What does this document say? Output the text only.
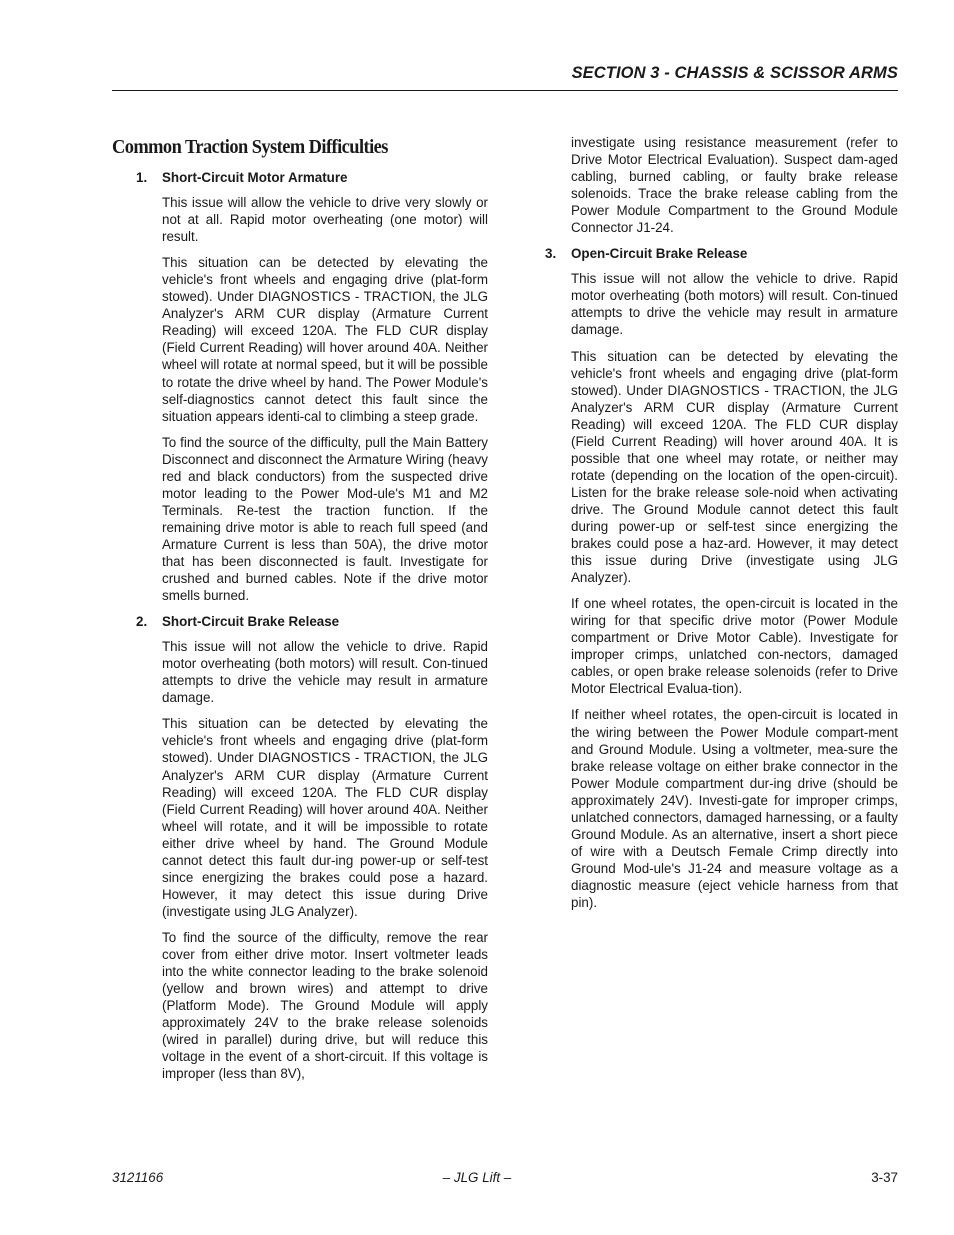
SECTION 3 - CHASSIS & SCISSOR ARMS
Common Traction System Difficulties
1. Short-Circuit Motor Armature

This issue will allow the vehicle to drive very slowly or not at all. Rapid motor overheating (one motor) will result.

This situation can be detected by elevating the vehicle's front wheels and engaging drive (plat-form stowed). Under DIAGNOSTICS - TRACTION, the JLG Analyzer's ARM CUR display (Armature Current Reading) will exceed 120A. The FLD CUR display (Field Current Reading) will hover around 40A. Neither wheel will rotate at normal speed, but it will be possible to rotate the drive wheel by hand. The Power Module's self-diagnostics cannot detect this fault since the situation appears identi-cal to climbing a steep grade.

To find the source of the difficulty, pull the Main Battery Disconnect and disconnect the Armature Wiring (heavy red and black conductors) from the suspected drive motor leading to the Power Mod-ule's M1 and M2 Terminals. Re-test the traction function. If the remaining drive motor is able to reach full speed (and Armature Current is less than 50A), the drive motor that has been disconnected is fault. Investigate for crushed and burned cables. Note if the drive motor smells burned.

2. Short-Circuit Brake Release

This issue will not allow the vehicle to drive. Rapid motor overheating (both motors) will result. Con-tinued attempts to drive the vehicle may result in armature damage.

This situation can be detected by elevating the vehicle's front wheels and engaging drive (plat-form stowed). Under DIAGNOSTICS - TRACTION, the JLG Analyzer's ARM CUR display (Armature Current Reading) will exceed 120A. The FLD CUR display (Field Current Reading) will hover around 40A. Neither wheel will rotate, and it will be impossible to rotate either drive wheel by hand. The Ground Module cannot detect this fault dur-ing power-up or self-test since energizing the brakes could pose a hazard. However, it may detect this issue during Drive (investigate using JLG Analyzer).

To find the source of the difficulty, remove the rear cover from either drive motor. Insert voltmeter leads into the white connector leading to the brake solenoid (yellow and brown wires) and attempt to drive (Platform Mode). The Ground Module will apply approximately 24V to the brake release solenoids (wired in parallel) during drive, but will reduce this voltage in the event of a short-circuit. If this voltage is improper (less than 8V),

investigate using resistance measurement (refer to Drive Motor Electrical Evaluation). Suspect dam-aged cabling, burned cabling, or faulty brake release solenoids. Trace the brake release cabling from the Power Module Compartment to the Ground Module Connector J1-24.

3. Open-Circuit Brake Release

This issue will not allow the vehicle to drive. Rapid motor overheating (both motors) will result. Con-tinued attempts to drive the vehicle may result in armature damage.

This situation can be detected by elevating the vehicle's front wheels and engaging drive (plat-form stowed). Under DIAGNOSTICS - TRACTION, the JLG Analyzer's ARM CUR display (Armature Current Reading) will exceed 120A. The FLD CUR display (Field Current Reading) will hover around 40A. It is possible that one wheel may rotate, or neither may rotate (depending on the location of the open-circuit). Listen for the brake release sole-noid when activating drive. The Ground Module cannot detect this fault during power-up or self-test since energizing the brakes could pose a haz-ard. However, it may detect this issue during Drive (investigate using JLG Analyzer).

If one wheel rotates, the open-circuit is located in the wiring for that specific drive motor (Power Module compartment or Drive Motor Cable). Investigate for improper crimps, unlatched con-nectors, damaged cables, or open brake release solenoids (refer to Drive Motor Electrical Evalua-tion).

If neither wheel rotates, the open-circuit is located in the wiring between the Power Module compart-ment and Ground Module. Using a voltmeter, mea-sure the brake release voltage on either brake connector in the Power Module compartment dur-ing drive (should be approximately 24V). Investi-gate for improper crimps, unlatched connectors, damaged harnessing, or a faulty Ground Module. As an alternative, insert a short piece of wire with a Deutsch Female Crimp directly into Ground Mod-ule's J1-24 and measure voltage as a diagnostic measure (eject vehicle harness from that pin).

3121166	– JLG Lift –	3-37
